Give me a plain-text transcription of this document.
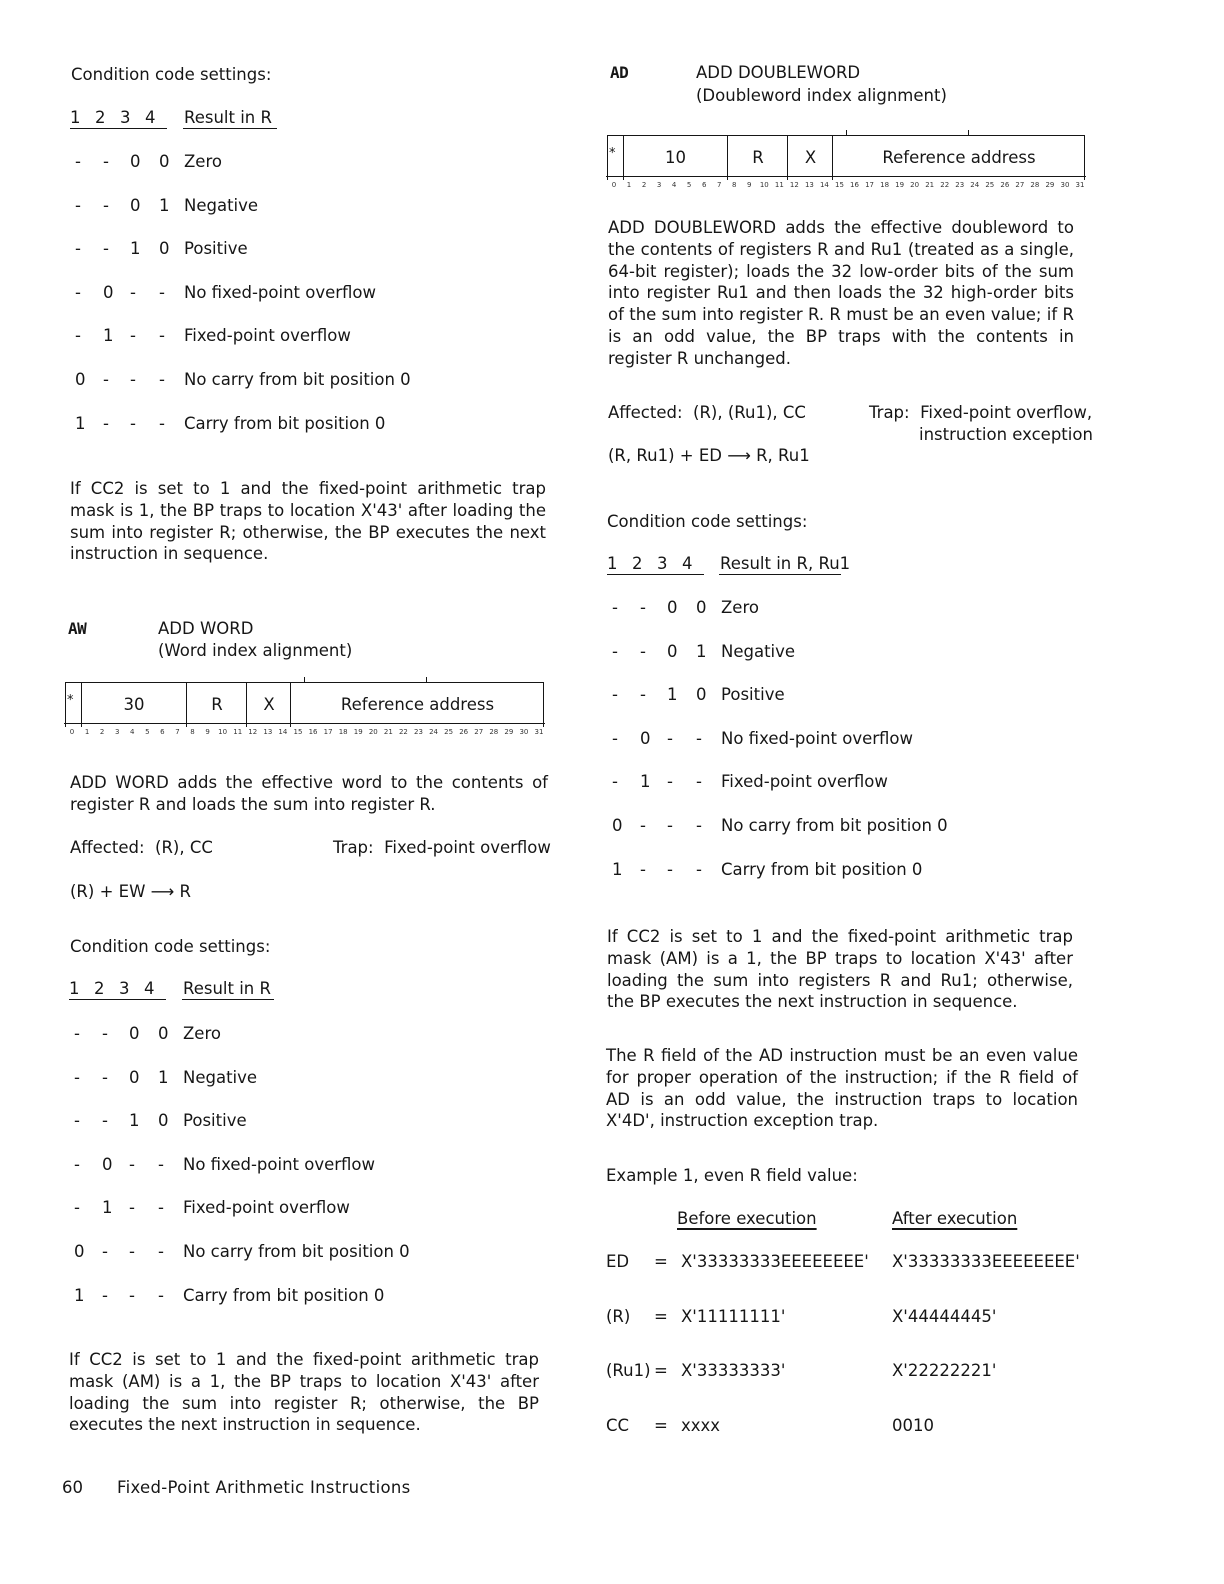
Condition code settings:
1  2  3  4 Result in R
- - 0 0 Zero
- - 0 1 Negative
- - 1 0 Positive
- 0 - - No fixed-point overflow
- 1 - - Fixed-point overflow
0 - - - No carry from bit position 0
1 - - - Carry from bit position 0

If CC2 is set to 1 and the fixed-point arithmetic trap mask is 1, the BP traps to location X'43' after loading the sum into register R; otherwise, the BP executes the next instruction in sequence.

AW	ADD WORD
(Word index alignment)
*	30	R	X	Reference address
0	1	2	3	4	5	6	7	8	9	10 11 12 13 14 15 16 17 18 19 20 21 22 23 24 25 26 27 28 29 30 31

ADD WORD adds the effective word to the contents of register R and loads the sum into register R.

Affected:  (R), CC	Trap:  Fixed-point overflow
(R) + EW ⟶ R
Condition code settings:
1  2  3  4 Result in R
- - 0 0 Zero
- - 0 1 Negative
- - 1 0 Positive
- 0 - - No fixed-point overflow
- 1 - - Fixed-point overflow
0 - - - No carry from bit position 0
1 - - - Carry from bit position 0

If CC2 is set to 1 and the fixed-point arithmetic trap mask (AM) is a 1, the BP traps to location X'43' after loading the sum into register R; otherwise, the BP executes the next instruction in sequence.

AD	ADD DOUBLEWORD
(Doubleword index alignment)
*	10	R	X	Reference address
0	1	2	3	4	5	6	7	8	9	10 11 12 13 14 15 16 17 18 19 20 21 22 23 24 25 26 27 28 29 30 31

ADD DOUBLEWORD adds the effective doubleword to the contents of registers R and Ru1 (treated as a single, 64-bit register); loads the 32 low-order bits of the sum into register Ru1 and then loads the 32 high-order bits of the sum into register R. R must be an even value; if R is an odd value, the BP traps with the contents in register R unchanged.

Affected:  (R), (Ru1), CC	Trap:  Fixed-point overflow,
instruction exception
(R, Ru1) + ED ⟶ R, Ru1
Condition code settings:
1  2  3  4 Result in R, Ru1
- - 0 0 Zero
- - 0 1 Negative
- - 1 0 Positive
- 0 - - No fixed-point overflow
- 1 - - Fixed-point overflow
0 - - - No carry from bit position 0
1 - - - Carry from bit position 0

If CC2 is set to 1 and the fixed-point arithmetic trap mask (AM) is a 1, the BP traps to location X'43' after loading the sum into registers R and Ru1; otherwise, the BP executes the next instruction in sequence.

The R field of the AD instruction must be an even value for proper operation of the instruction; if the R field of AD is an odd value, the instruction traps to location X'4D', instruction exception trap.

Example 1, even R field value:
Before execution	After execution
ED = X'33333333EEEEEEEE' X'33333333EEEEEEEE'
(R) = X'11111111'	X'44444445'
(Ru1) = X'33333333'	X'22222221'
CC = xxxx	0010
60 Fixed-Point Arithmetic Instructions
